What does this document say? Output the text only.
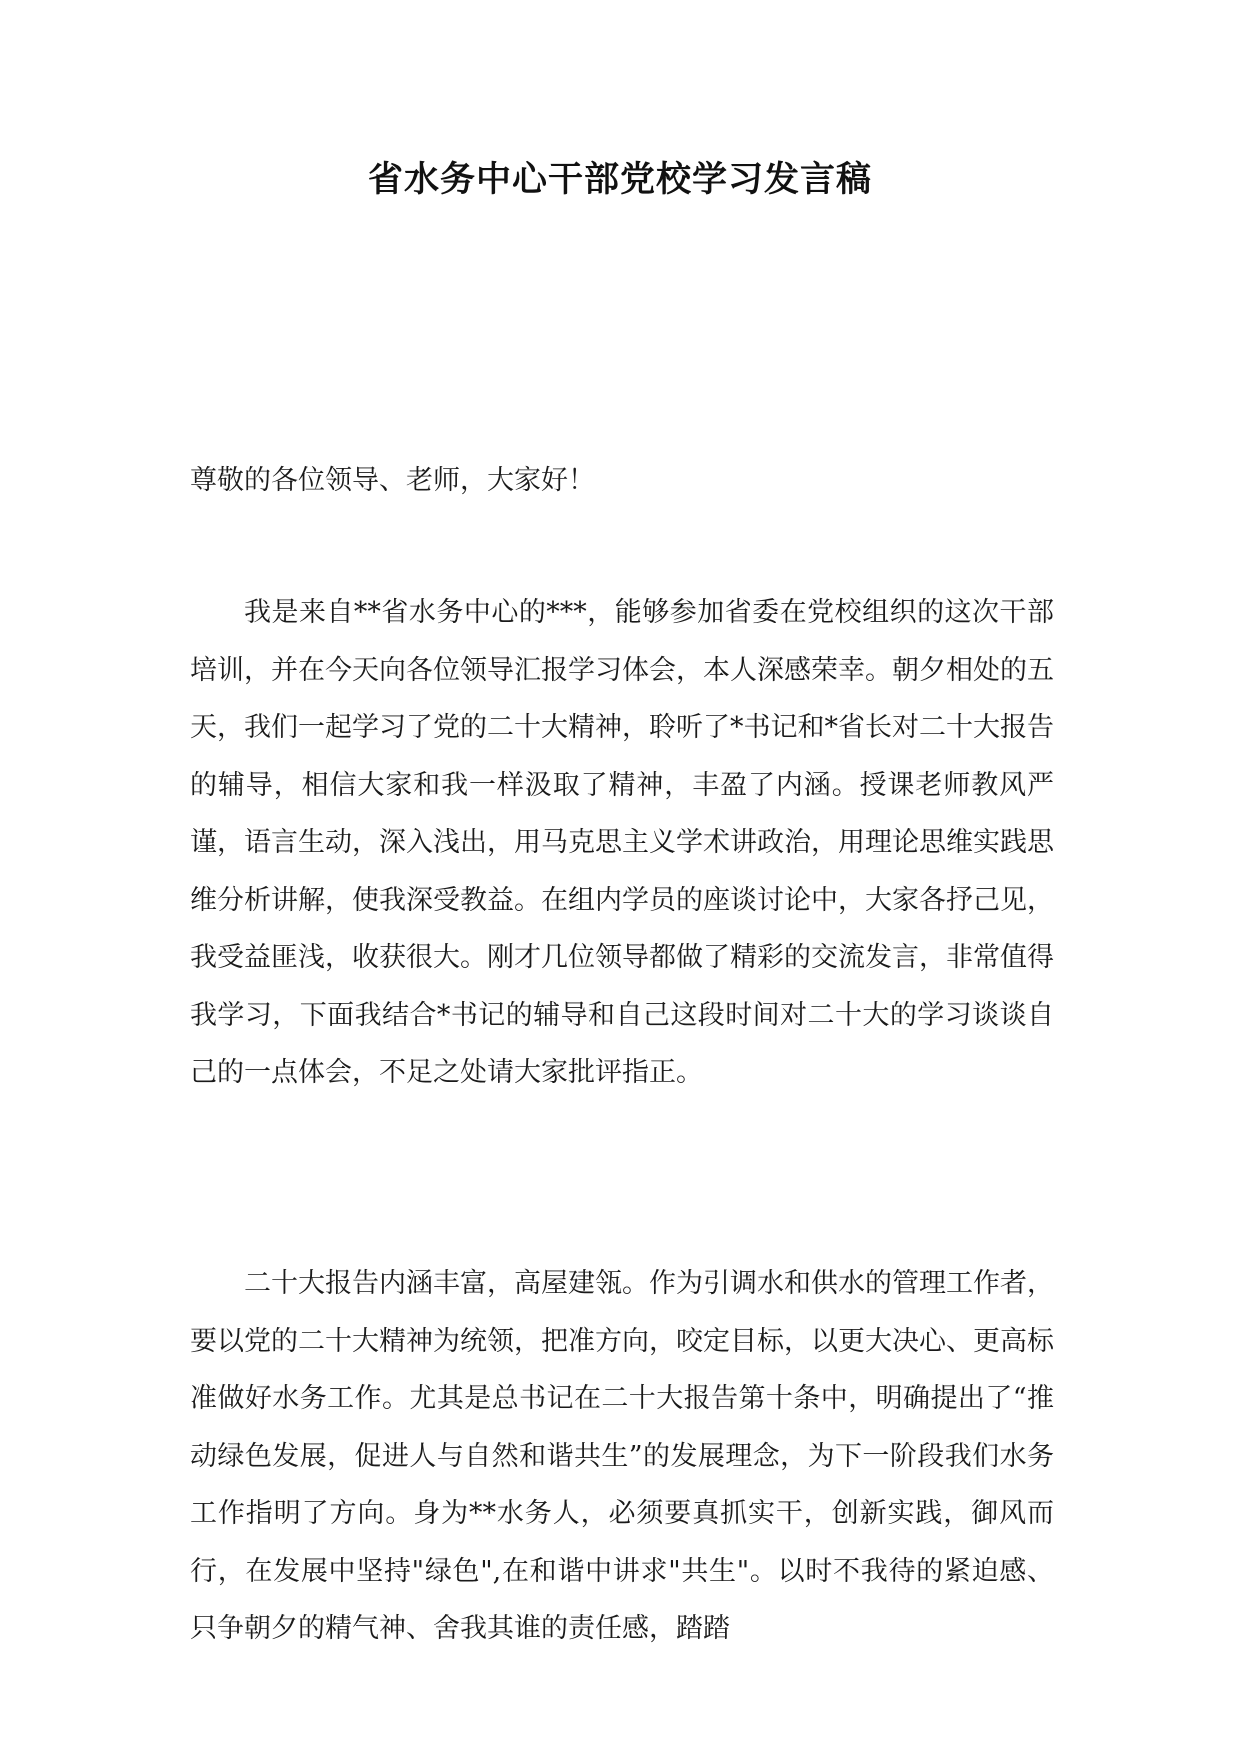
省水务中心干部党校学习发言稿
尊敬的各位领导、老师，大家好！

我是来自**省水务中心的***，能够参加省委在党校组织的这次干部培训，并在今天向各位领导汇报学习体会，本人深感荣幸。朝夕相处的五天，我们一起学习了党的二十大精神，聆听了*书记和*省长对二十大报告的辅导，相信大家和我一样汲取了精神，丰盈了内涵。授课老师教风严谨，语言生动，深入浅出，用马克思主义学术讲政治，用理论思维实践思维分析讲解，使我深受教益。在组内学员的座谈讨论中，大家各抒己见，我受益匪浅，收获很大。刚才几位领导都做了精彩的交流发言，非常值得我学习，下面我结合*书记的辅导和自己这段时间对二十大的学习谈谈自己的一点体会，不足之处请大家批评指正。

二十大报告内涵丰富，高屋建瓴。作为引调水和供水的管理工作者，要以党的二十大精神为统领，把准方向，咬定目标，以更大决心、更高标准做好水务工作。尤其是总书记在二十大报告第十条中，明确提出了“推动绿色发展，促进人与自然和谐共生”的发展理念，为下一阶段我们水务工作指明了方向。身为**水务人，必须要真抓实干，创新实践，御风而行，在发展中坚持"绿色",在和谐中讲求"共生"。以时不我待的紧迫感、只争朝夕的精气神、舍我其谁的责任感，踏踏
